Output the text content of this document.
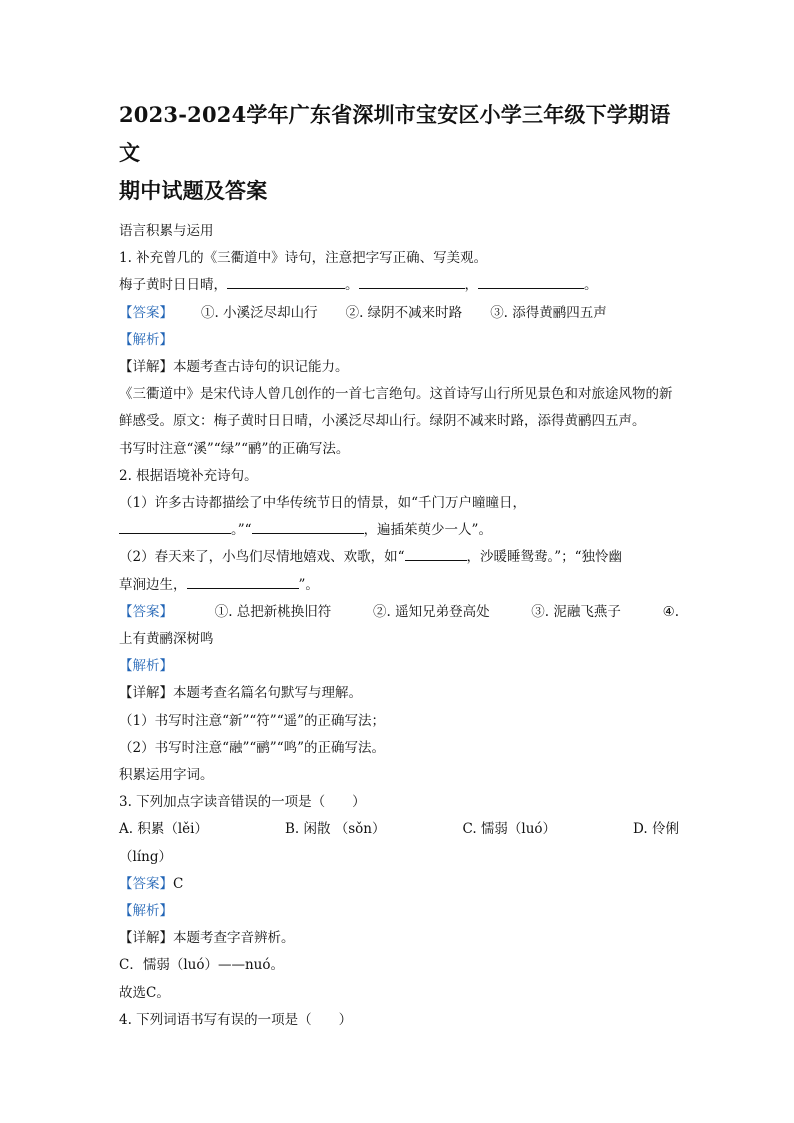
2023-2024学年广东省深圳市宝安区小学三年级下学期语文
期中试题及答案
语言积累与运用
1. 补充曾几的《三衢道中》诗句，注意把字写正确、写美观。
梅子黄时日日晴，	。	，	。
【答案】 ①. 小溪泛尽却山行 ②. 绿阴不减来时路 ③. 添得黄鹂四五声
【解析】
【详解】本题考查古诗句的识记能力。
《三衢道中》是宋代诗人曾几创作的一首七言绝句。这首诗写山行所见景色和对旅途风物的新鲜感受。原文：梅子黄时日日晴，小溪泛尽却山行。绿阴不减来时路，添得黄鹂四五声。
书写时注意“溪”“绿”“鹂”的正确写法。
2. 根据语境补充诗句。
（1）许多古诗都描绘了中华传统节日的情景，如“千门万户曈曈日，
。”“	，遍插茱萸少一人”。
（2）春天来了，小鸟们尽情地嬉戏、欢歌，如“	，沙暖睡鸳鸯。”；“独怜幽
草涧边生，	”。
【答案】	①. 总把新桃换旧符	②. 遥知兄弟登高处	③. 泥融飞燕子	④.
上有黄鹂深树鸣
【解析】
【详解】本题考查名篇名句默写与理解。
（1）书写时注意“新”“符”“遥”的正确写法；
（2）书写时注意“融”“鹂”“鸣”的正确写法。
积累运用字词。
3. 下列加点字读音错误的一项是（　　）
A. 积累（lěi）	B. 闲散 （sǒn）	C. 懦弱（luó）	D. 伶俐
（líng）
【答案】C
【解析】
【详解】本题考查字音辨析。
C．懦弱（luó）——nuó。
故选C。
4. 下列词语书写有误的一项是（　　）
